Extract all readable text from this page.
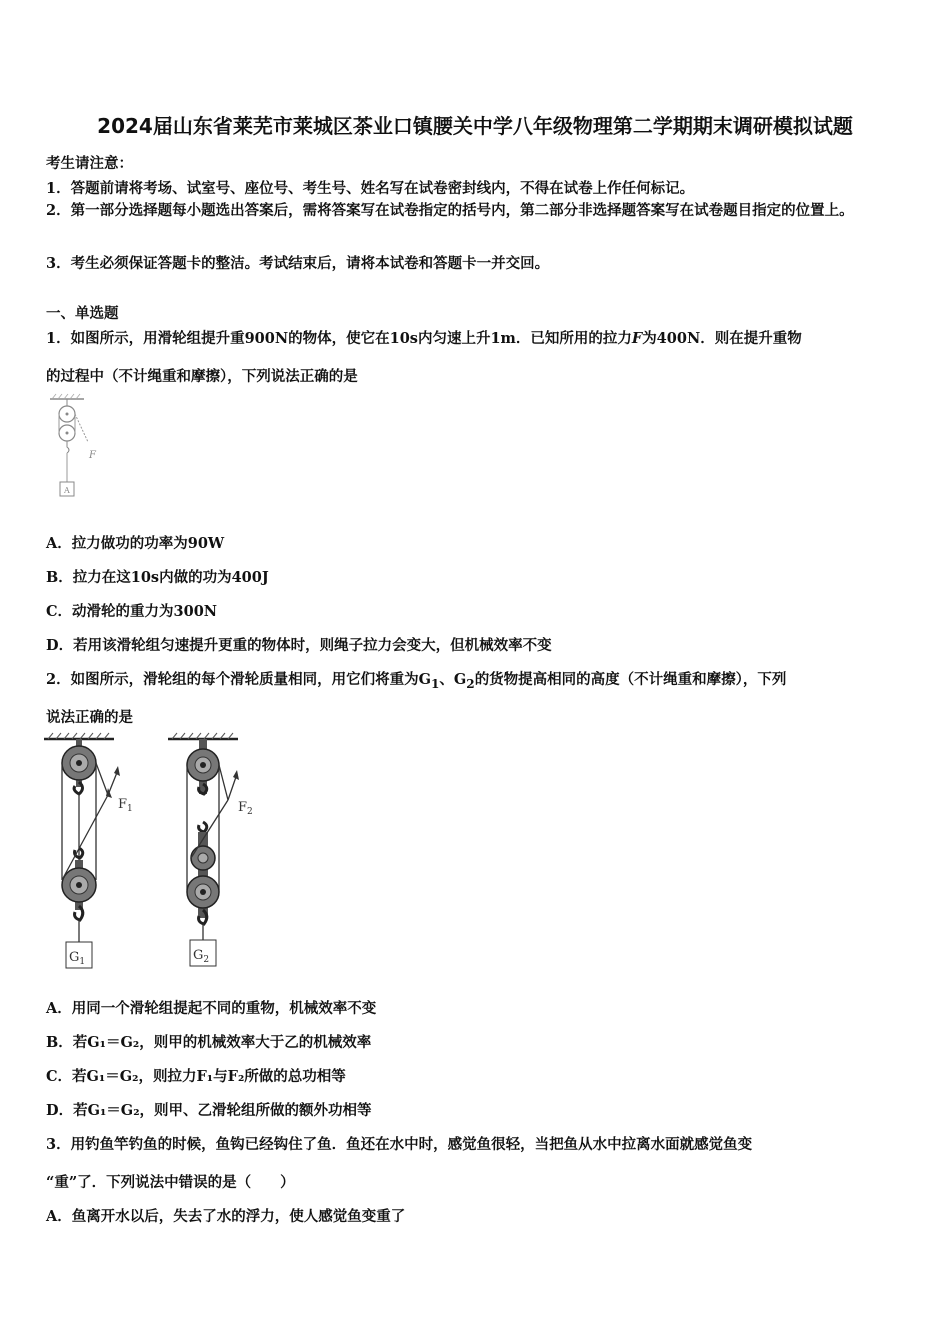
2024届山东省莱芜市莱城区茶业口镇腰关中学八年级物理第二学期期末调研模拟试题
考生请注意：
1．答题前请将考场、试室号、座位号、考生号、姓名写在试卷密封线内，不得在试卷上作任何标记。
2．第一部分选择题每小题选出答案后，需将答案写在试卷指定的括号内，第二部分非选择题答案写在试卷题目指定的位置上。
3．考生必须保证答题卡的整洁。考试结束后，请将本试卷和答题卡一并交回。
一、单选题
1．如图所示，用滑轮组提升重900N的物体，使它在10s内匀速上升1m．已知所用的拉力F为400N．则在提升重物
的过程中（不计绳重和摩擦），下列说法正确的是
F
A
A．拉力做功的功率为90W
B．拉力在这10s内做的功为400J
C．动滑轮的重力为300N
D．若用该滑轮组匀速提升更重的物体时，则绳子拉力会变大，但机械效率不变
2．如图所示，滑轮组的每个滑轮质量相同，用它们将重为$G_1$、$G_2$的货物提高相同的高度（不计绳重和摩擦），下列
说法正确的是
$F_1$
$G_1$
$F_2$
$G_2$
A．用同一个滑轮组提起不同的重物，机械效率不变
B．若G₁＝G₂，则甲的机械效率大于乙的机械效率
C．若G₁＝G₂，则拉力F₁与F₂所做的总功相等
D．若G₁＝G₂，则甲、乙滑轮组所做的额外功相等
3．用钓鱼竿钓鱼的时候，鱼钩已经钩住了鱼．鱼还在水中时，感觉鱼很轻，当把鱼从水中拉离水面就感觉鱼变
“重”了．下列说法中错误的是（　　）
A．鱼离开水以后，失去了水的浮力，使人感觉鱼变重了
